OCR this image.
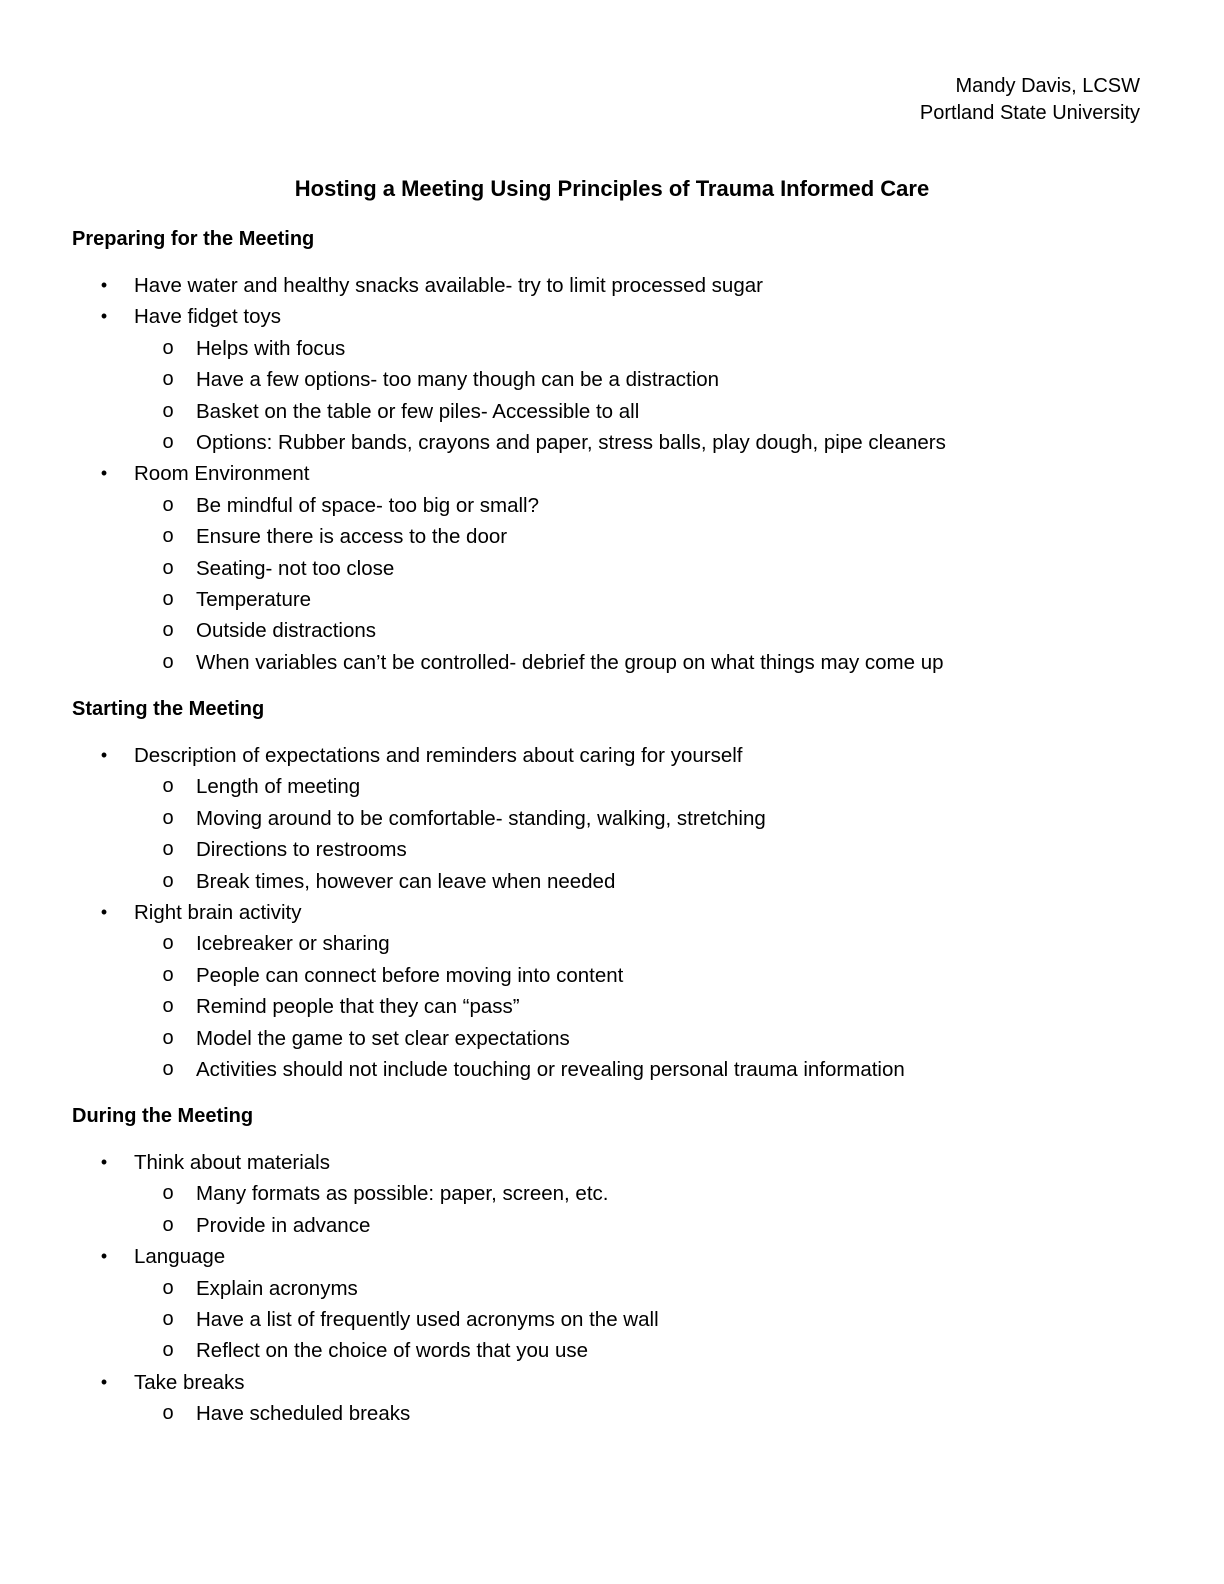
Mandy Davis, LCSW
Portland State University
Hosting a Meeting Using Principles of Trauma Informed Care
Preparing for the Meeting
•	Have water and healthy snacks available- try to limit processed sugar
•	Have fidget toys
o Helps with focus
o Have a few options- too many though can be a distraction
o Basket on the table or few piles- Accessible to all
o Options: Rubber bands, crayons and paper, stress balls, play dough, pipe cleaners
•	Room Environment
o Be mindful of space- too big or small?
o Ensure there is access to the door
o Seating- not too close
o Temperature
o Outside distractions
o When variables can’t be controlled- debrief the group on what things may come up
Starting the Meeting
•	Description of expectations and reminders about caring for yourself
o Length of meeting
o Moving around to be comfortable- standing, walking, stretching
o Directions to restrooms
o Break times, however can leave when needed
•	Right brain activity
o Icebreaker or sharing
o People can connect before moving into content
o Remind people that they can “pass”
o Model the game to set clear expectations
o Activities should not include touching or revealing personal trauma information
During the Meeting
•	Think about materials
o Many formats as possible: paper, screen, etc.
o Provide in advance
•	Language
o Explain acronyms
o Have a list of frequently used acronyms on the wall
o Reflect on the choice of words that you use
•	Take breaks
o Have scheduled breaks
